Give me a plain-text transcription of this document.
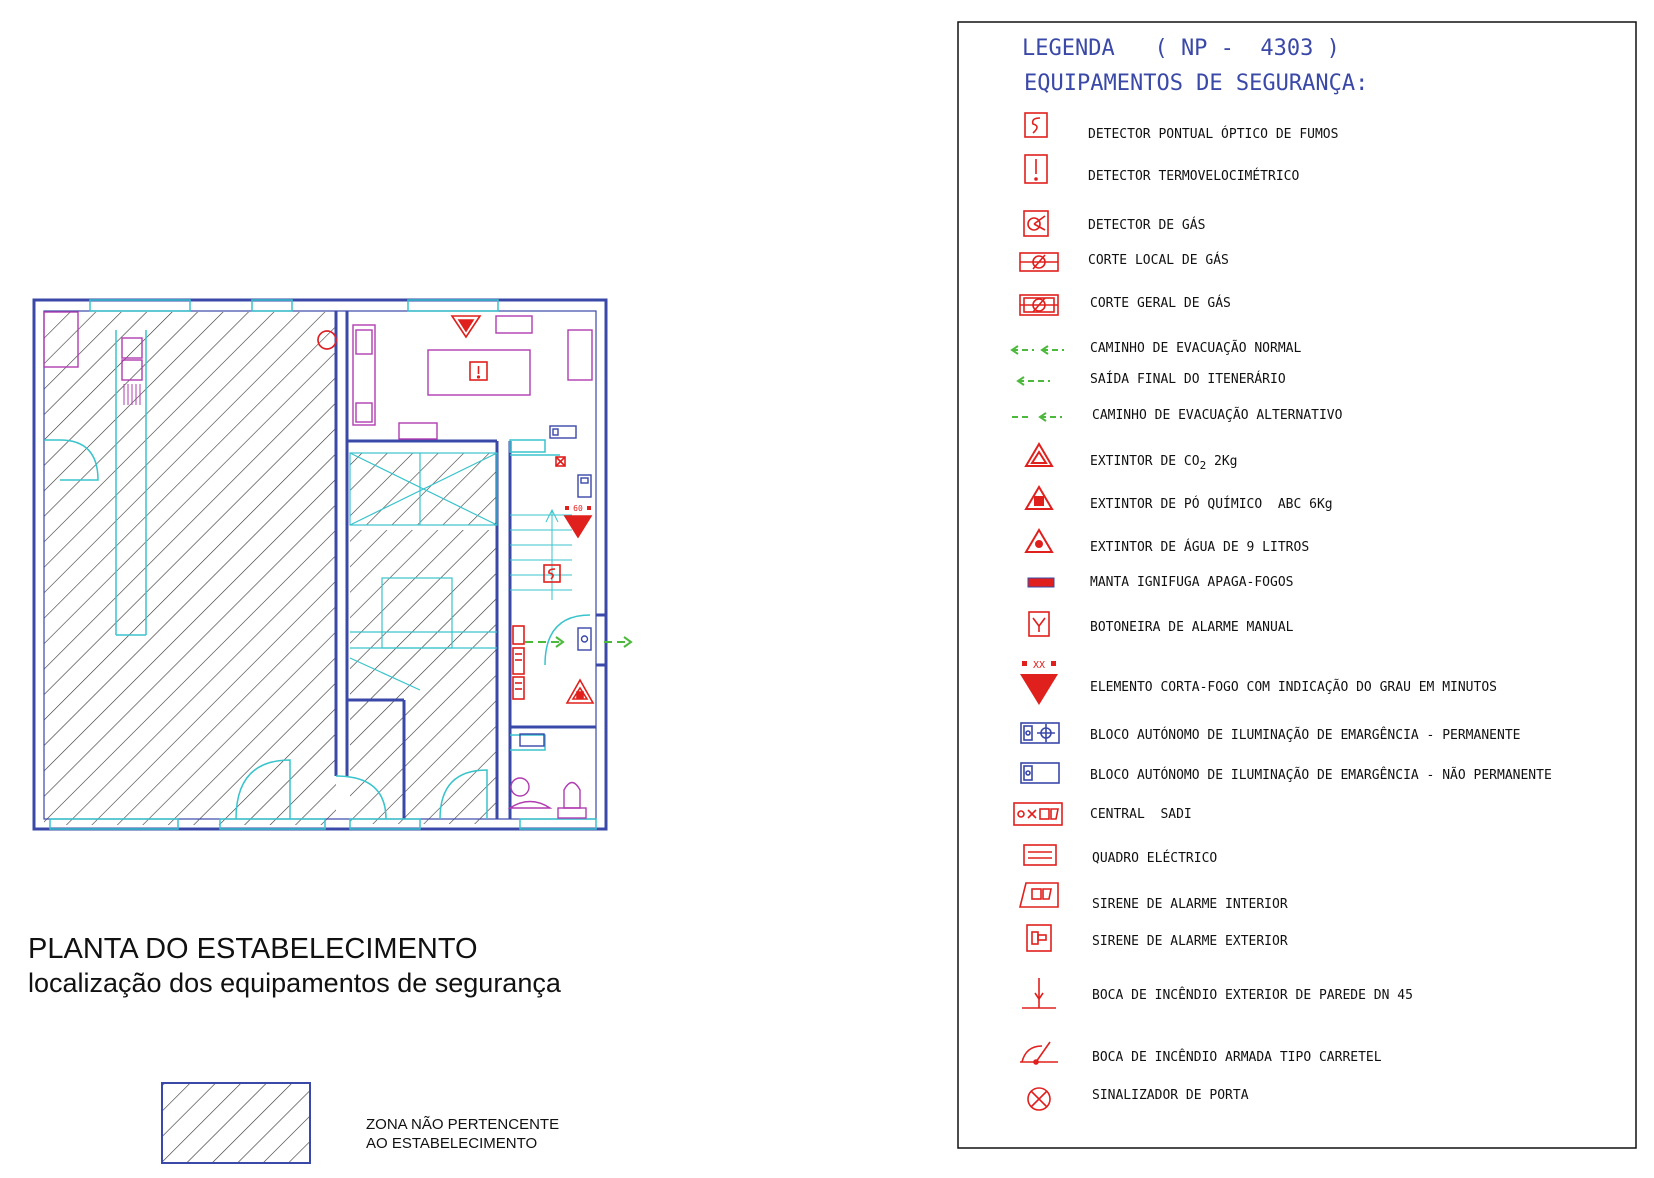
60
LEGENDA   ( NP -  4303 )
EQUIPAMENTOS DE SEGURANÇA:
XX
DETECTOR PONTUAL ÓPTICO DE FUMOS
DETECTOR TERMOVELOCIMÉTRICO
DETECTOR DE GÁS
CORTE LOCAL DE GÁS
CORTE GERAL DE GÁS
CAMINHO DE EVACUAÇÃO NORMAL
SAÍDA FINAL DO ITENERÁRIO
CAMINHO DE EVACUAÇÃO ALTERNATIVO
EXTINTOR DE $CO_2$ 2Kg
EXTINTOR DE PÓ QUÍMICO  ABC 6Kg
EXTINTOR DE ÁGUA DE 9 LITROS
MANTA IGNIFUGA APAGA-FOGOS
BOTONEIRA DE ALARME MANUAL
ELEMENTO CORTA-FOGO COM INDICAÇÃO DO GRAU EM MINUTOS
BLOCO AUTÓNOMO DE ILUMINAÇÃO DE EMARGÊNCIA - PERMANENTE
BLOCO AUTÓNOMO DE ILUMINAÇÃO DE EMARGÊNCIA - NÃO PERMANENTE
CENTRAL  SADI
QUADRO ELÉCTRICO
SIRENE DE ALARME INTERIOR
SIRENE DE ALARME EXTERIOR
BOCA DE INCÊNDIO EXTERIOR DE PAREDE DN 45
BOCA DE INCÊNDIO ARMADA TIPO CARRETEL
SINALIZADOR DE PORTA
PLANTA DO ESTABELECIMENTO
localização dos equipamentos de segurança
ZONA NÃO PERTENCENTE
AO ESTABELECIMENTO
